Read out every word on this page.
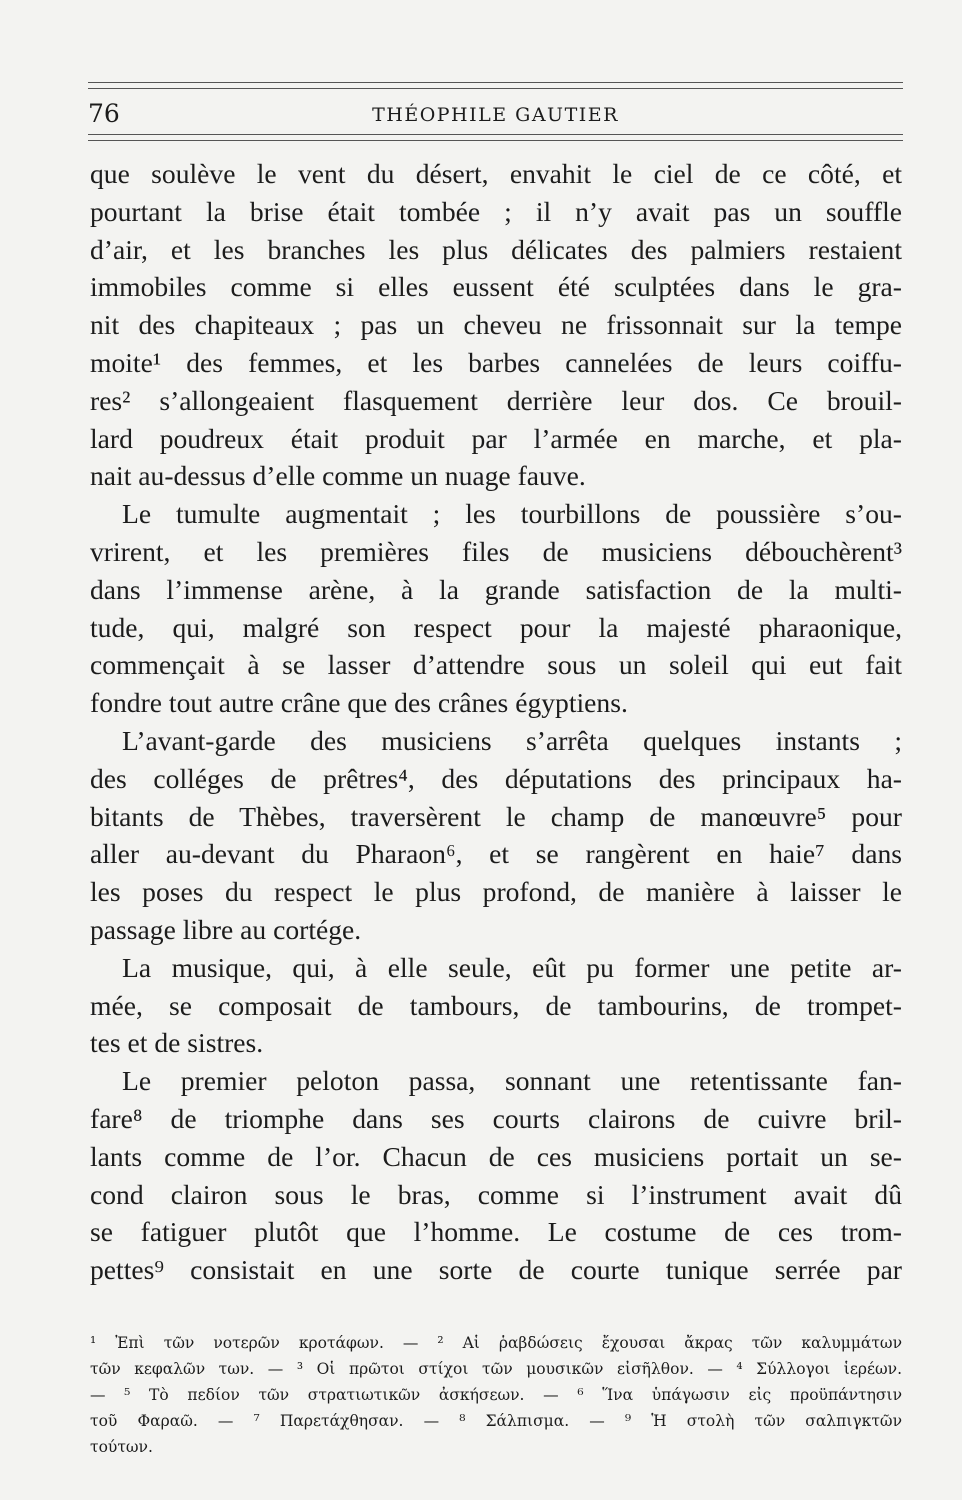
76	THÉOPHILE GAUTIER
que soulève le vent du désert, envahit le ciel de ce côté, et
pourtant la brise était tombée ; il n’y avait pas un souffle
d’air, et les branches les plus délicates des palmiers restaient
immobiles comme si elles eussent été sculptées dans le gra-
nit des chapiteaux ; pas un cheveu ne frissonnait sur la tempe
moite¹ des femmes, et les barbes cannelées de leurs coiffu-
res² s’allongeaient flasquement derrière leur dos. Ce brouil-
lard poudreux était produit par l’armée en marche, et pla-
nait au-dessus d’elle comme un nuage fauve.
Le tumulte augmentait ; les tourbillons de poussière s’ou-
vrirent, et les premières files de musiciens débouchèrent³
dans l’immense arène, à la grande satisfaction de la multi-
tude, qui, malgré son respect pour la majesté pharaonique,
commençait à se lasser d’attendre sous un soleil qui eut fait
fondre tout autre crâne que des crânes égyptiens.
L’avant-garde des musiciens s’arrêta quelques instants ;
des colléges de prêtres⁴, des députations des principaux ha-
bitants de Thèbes, traversèrent le champ de manœuvre⁵ pour
aller au-devant du Pharaon⁶, et se rangèrent en haie⁷ dans
les poses du respect le plus profond, de manière à laisser le
passage libre au cortége.
La musique, qui, à elle seule, eût pu former une petite ar-
mée, se composait de tambours, de tambourins, de trompet-
tes et de sistres.
Le premier peloton passa, sonnant une retentissante fan-
fare⁸ de triomphe dans ses courts clairons de cuivre bril-
lants comme de l’or. Chacun de ces musiciens portait un se-
cond clairon sous le bras, comme si l’instrument avait dû
se fatiguer plutôt que l’homme. Le costume de ces trom-
pettes⁹ consistait en une sorte de courte tunique serrée par
¹ Ἐπὶ τῶν νοτερῶν κροτάφων. — ² Αἱ ῥαβδώσεις ἔχουσαι ἄκρας τῶν καλυμμάτων
τῶν κεφαλῶν των. — ³ Οἱ πρῶτοι στίχοι τῶν μουσικῶν εἰσῆλθον. — ⁴ Σύλλογοι ἱερέων.
— ⁵ Τὸ πεδίον τῶν στρατιωτικῶν ἀσκήσεων. — ⁶ Ἵνα ὑπάγωσιν εἰς προϋπάντησιν
τοῦ Φαραῶ. — ⁷ Παρετάχθησαν. — ⁸ Σάλπισμα. — ⁹ Ἡ στολὴ τῶν σαλπιγκτῶν
τούτων.
